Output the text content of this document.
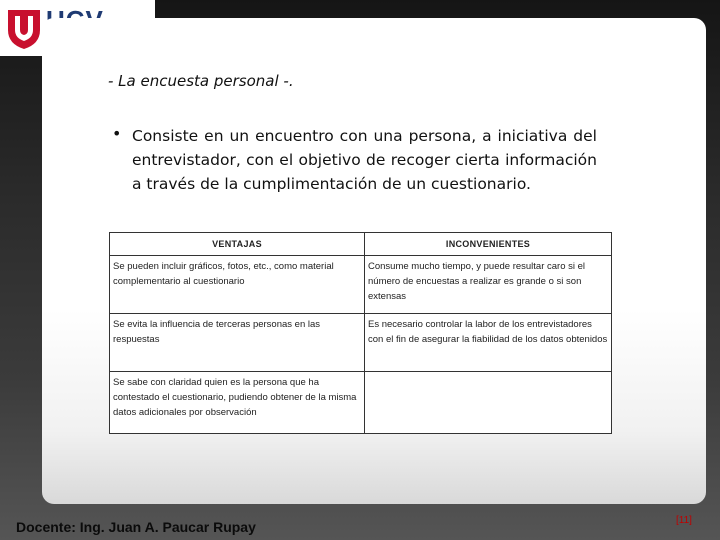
- La encuesta personal -.
• Consiste en un encuentro con una persona, a iniciativa del entrevistador, con el objetivo de recoger cierta información a través de la cumplimentación de un cuestionario.
VENTAJAS	INCONVENIENTES
Se pueden incluir gráficos, fotos, etc., como material complementario al cuestionario	Consume mucho tiempo, y puede resultar caro si el número de encuestas a realizar es grande o si son extensas
Se evita la influencia de terceras personas en las respuestas	Es necesario controlar la labor de los entrevistadores con el fin de asegurar la fiabilidad de los datos obtenidos
Se sabe con claridad quien es la persona que ha contestado el cuestionario, pudiendo obtener de la misma datos adicionales por observación	
Docente: Ing. Juan A. Paucar Rupay	[11]
